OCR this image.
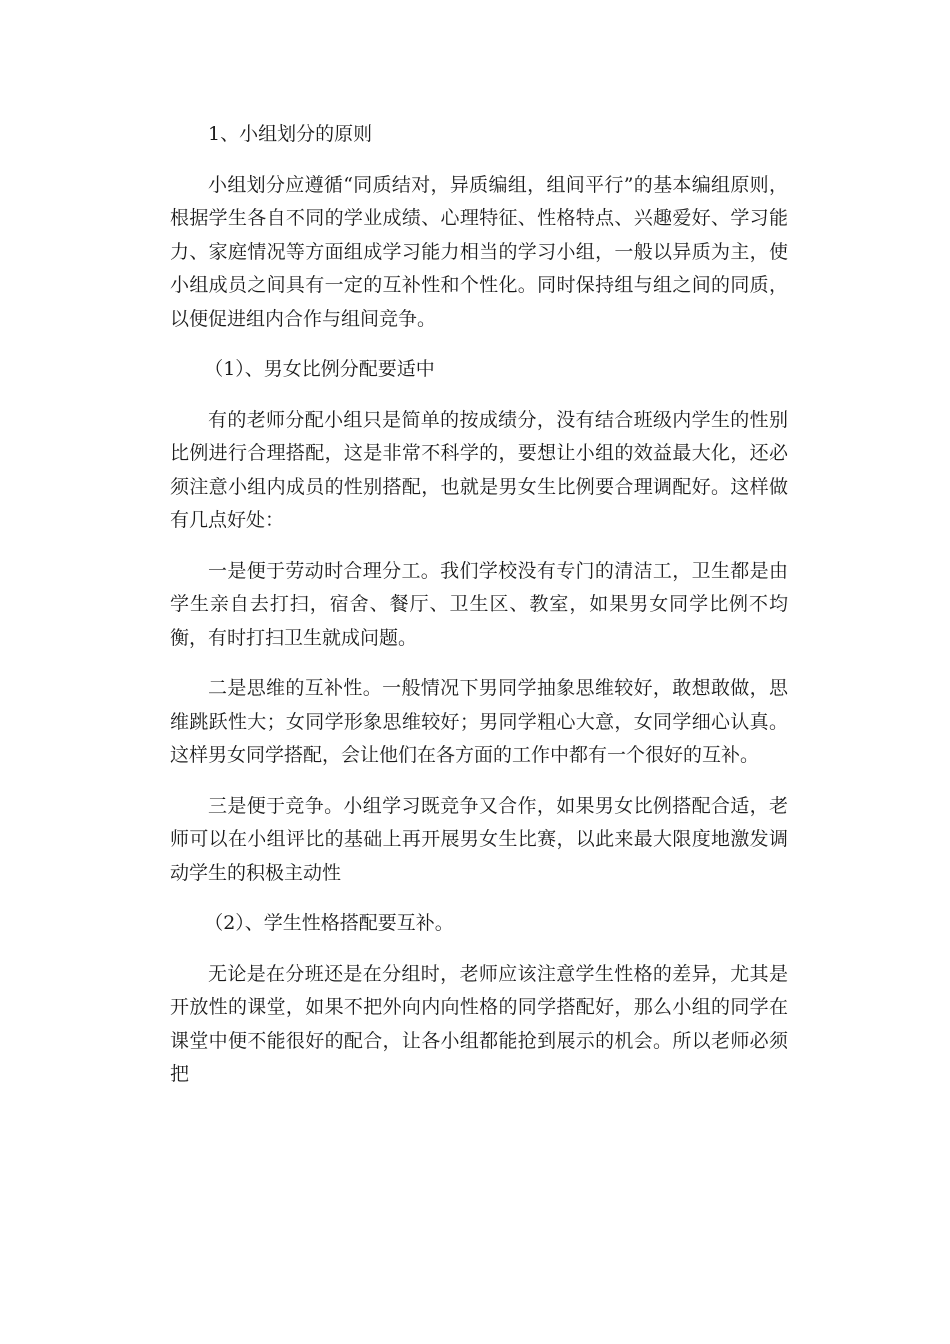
1、小组划分的原则

小组划分应遵循“同质结对，异质编组，组间平行”的基本编组原则，根据学生各自不同的学业成绩、心理特征、性格特点、兴趣爱好、学习能力、家庭情况等方面组成学习能力相当的学习小组，一般以异质为主，使小组成员之间具有一定的互补性和个性化。同时保持组与组之间的同质，以便促进组内合作与组间竞争。

（1）、男女比例分配要适中

有的老师分配小组只是简单的按成绩分，没有结合班级内学生的性别比例进行合理搭配，这是非常不科学的，要想让小组的效益最大化，还必须注意小组内成员的性别搭配，也就是男女生比例要合理调配好。这样做有几点好处：

一是便于劳动时合理分工。我们学校没有专门的清洁工，卫生都是由学生亲自去打扫，宿舍、餐厅、卫生区、教室，如果男女同学比例不均衡，有时打扫卫生就成问题。

二是思维的互补性。一般情况下男同学抽象思维较好，敢想敢做，思维跳跃性大；女同学形象思维较好；男同学粗心大意，女同学细心认真。这样男女同学搭配，会让他们在各方面的工作中都有一个很好的互补。

三是便于竞争。小组学习既竞争又合作，如果男女比例搭配合适，老师可以在小组评比的基础上再开展男女生比赛，以此来最大限度地激发调动学生的积极主动性

（2）、学生性格搭配要互补。

无论是在分班还是在分组时，老师应该注意学生性格的差异，尤其是开放性的课堂，如果不把外向内向性格的同学搭配好，那么小组的同学在课堂中便不能很好的配合，让各小组都能抢到展示的机会。所以老师必须把
